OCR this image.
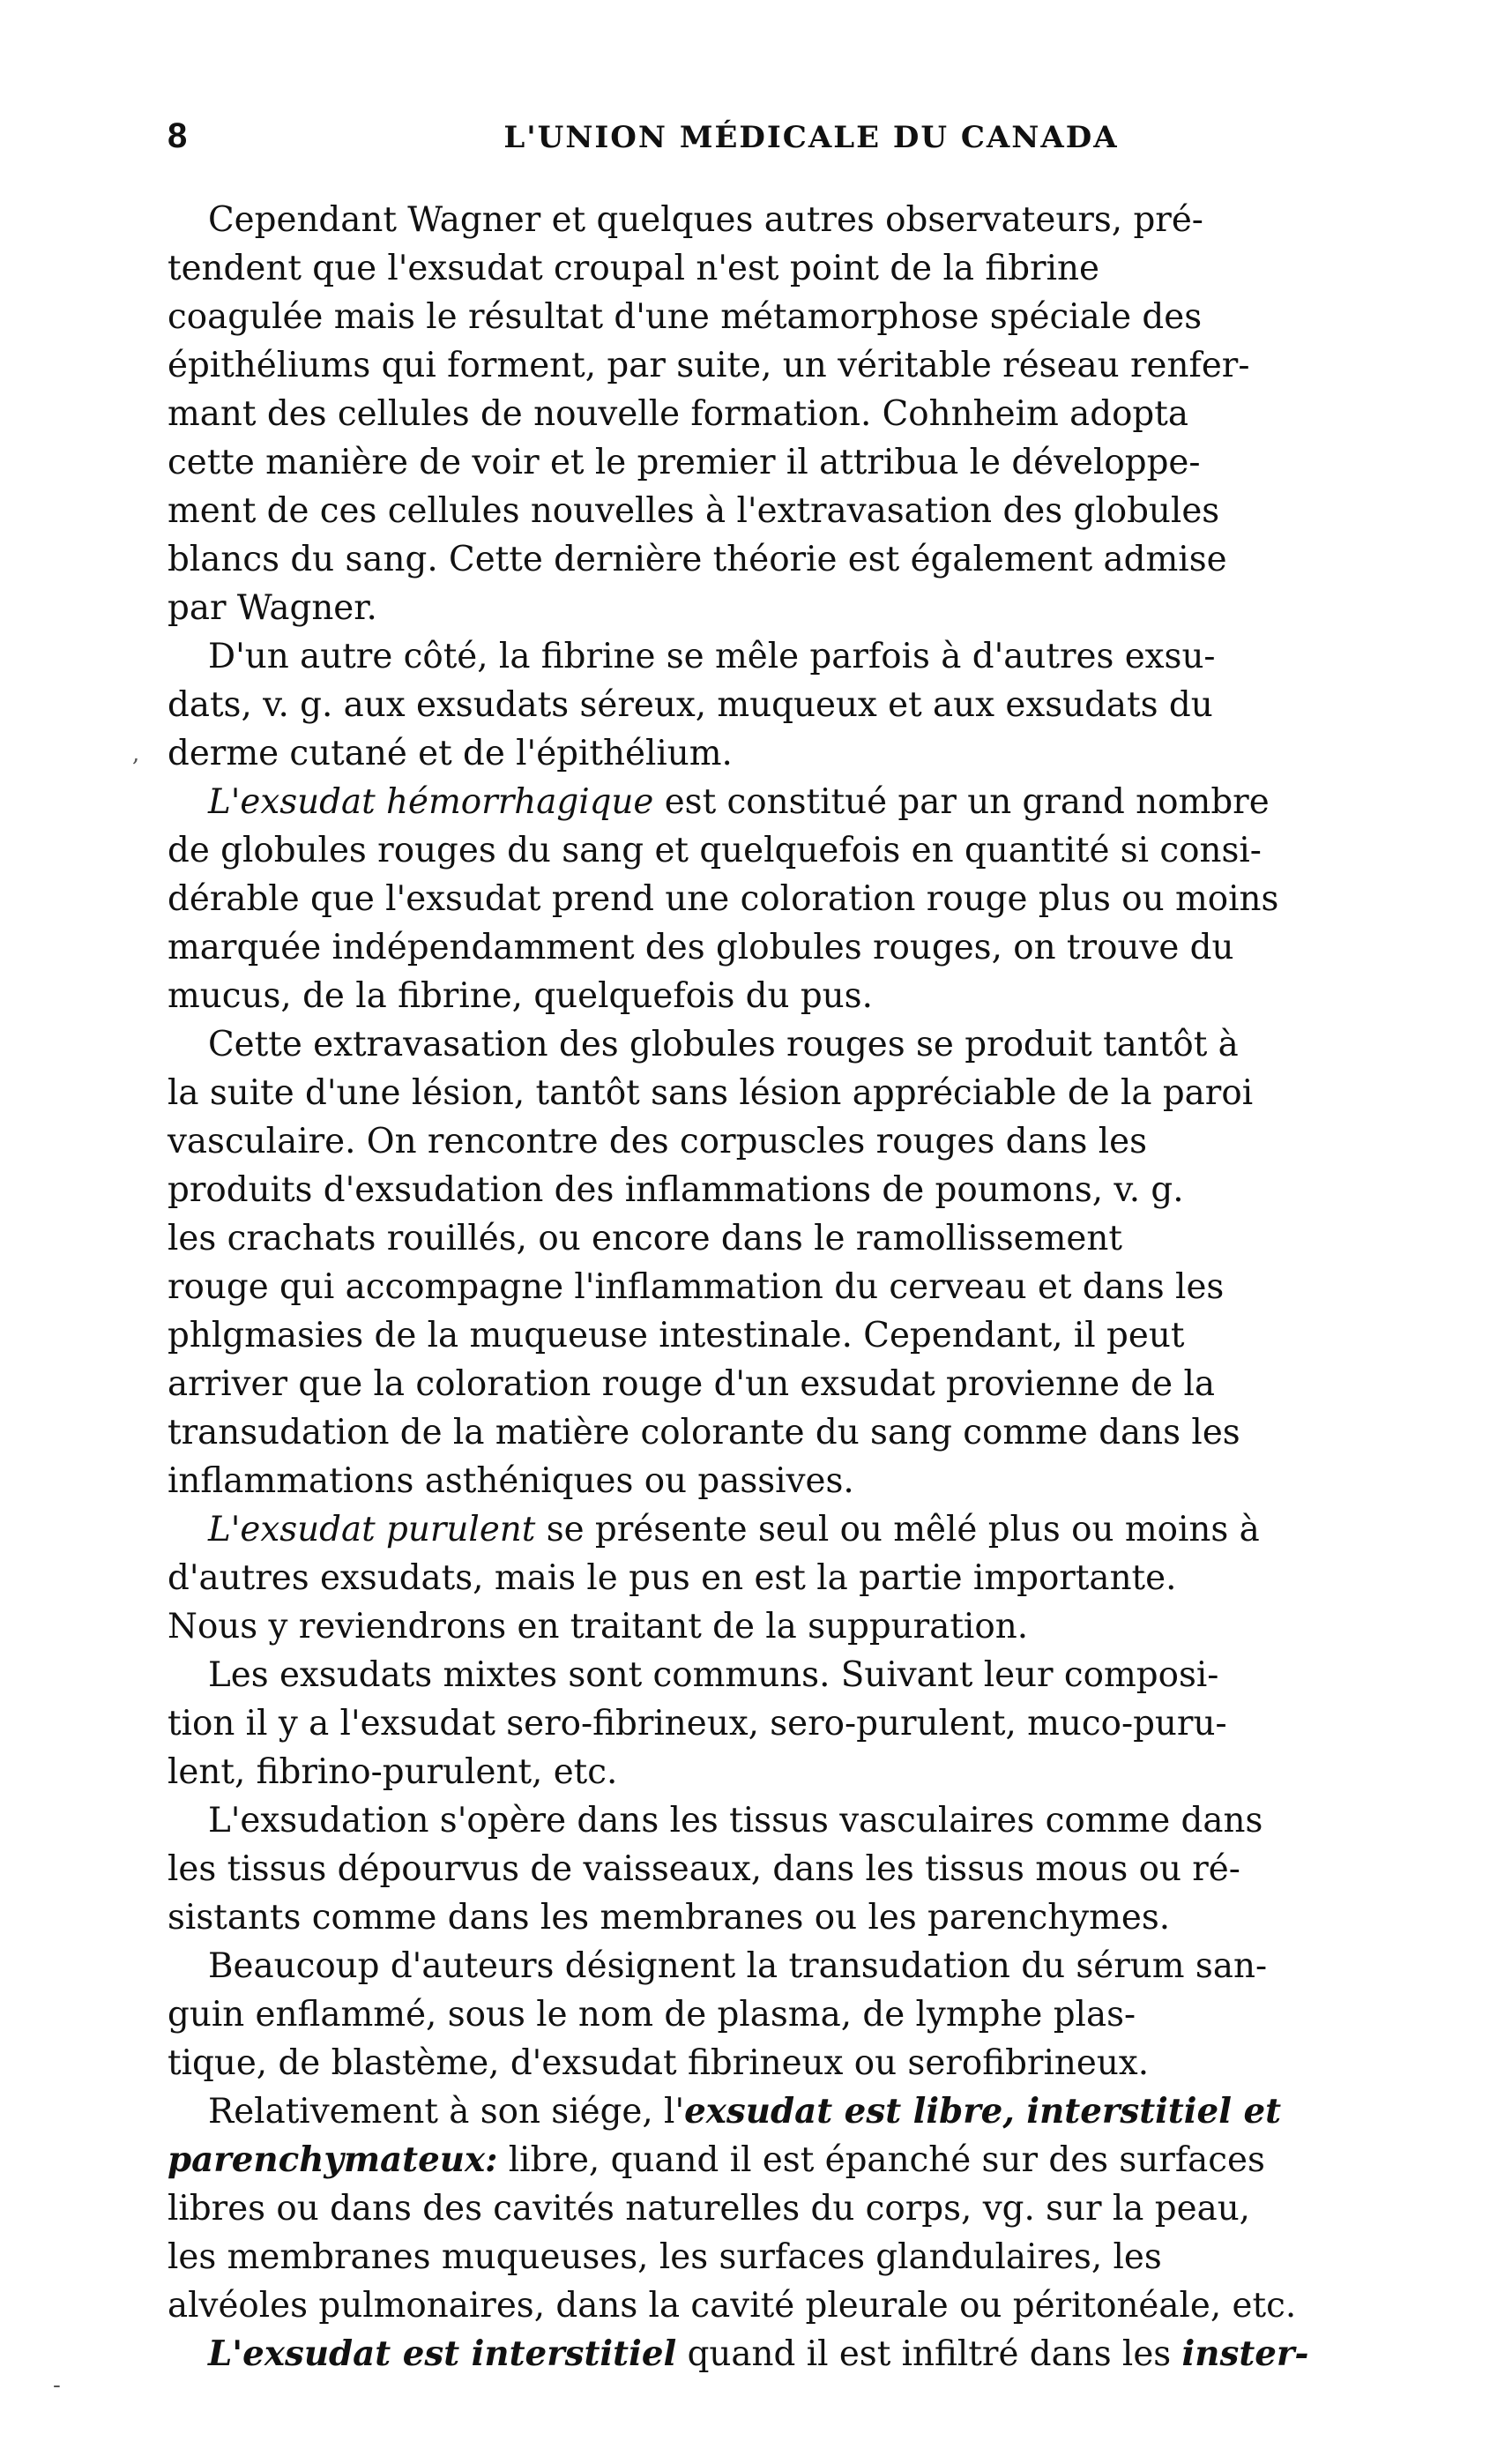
8	L'UNION MÉDICALE DU CANADA

Cependant Wagner et quelques autres observateurs, pré-
tendent que l'exsudat croupal n'est point de la fibrine
coagulée mais le résultat d'une métamorphose spéciale des
épithéliums qui forment, par suite, un véritable réseau renfer-
mant des cellules de nouvelle formation. Cohnheim adopta
cette manière de voir et le premier il attribua le développe-
ment de ces cellules nouvelles à l'extravasation des globules
blancs du sang. Cette dernière théorie est également admise
par Wagner.

D'un autre côté, la fibrine se mêle parfois à d'autres exsu-
dats, v. g. aux exsudats séreux, muqueux et aux exsudats du
derme cutané et de l'épithélium.

L'exsudat hémorrhagique est constitué par un grand nombre
de globules rouges du sang et quelquefois en quantité si consi-
dérable que l'exsudat prend une coloration rouge plus ou moins
marquée indépendamment des globules rouges, on trouve du
mucus, de la fibrine, quelquefois du pus.

Cette extravasation des globules rouges se produit tantôt à
la suite d'une lésion, tantôt sans lésion appréciable de la paroi
vasculaire. On rencontre des corpuscles rouges dans les
produits d'exsudation des inflammations de poumons, v. g.
les crachats rouillés, ou encore dans le ramollissement
rouge qui accompagne l'inflammation du cerveau et dans les
phlgmasies de la muqueuse intestinale. Cependant, il peut
arriver que la coloration rouge d'un exsudat provienne de la
transudation de la matière colorante du sang comme dans les
inflammations asthéniques ou passives.

L'exsudat purulent se présente seul ou mêlé plus ou moins à
d'autres exsudats, mais le pus en est la partie importante.
Nous y reviendrons en traitant de la suppuration.

Les exsudats mixtes sont communs. Suivant leur composi-
tion il y a l'exsudat sero-fibrineux, sero-purulent, muco-puru-
lent, fibrino-purulent, etc.

L'exsudation s'opère dans les tissus vasculaires comme dans
les tissus dépourvus de vaisseaux, dans les tissus mous ou ré-
sistants comme dans les membranes ou les parenchymes.

Beaucoup d'auteurs désignent la transudation du sérum san-
guin enflammé, sous le nom de plasma, de lymphe plas-
tique, de blastème, d'exsudat fibrineux ou serofibrineux.

Relativement à son siége, l'exsudat est libre, interstitiel et
parenchymateux: libre, quand il est épanché sur des surfaces
libres ou dans des cavités naturelles du corps, vg. sur la peau,
les membranes muqueuses, les surfaces glandulaires, les
alvéoles pulmonaires, dans la cavité pleurale ou péritonéale, etc.

L'exsudat est interstitiel quand il est infiltré dans les inster-

,
-
